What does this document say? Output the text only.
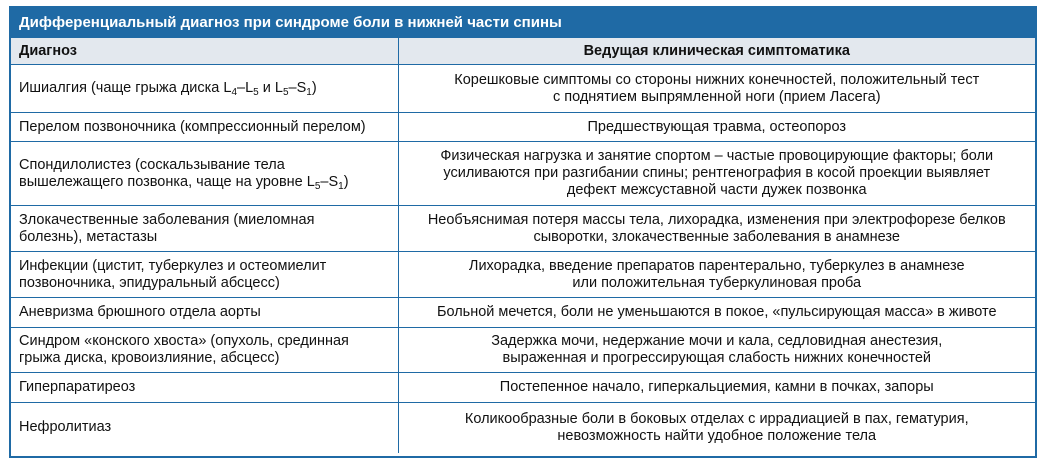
Дифференциальный диагноз при синдроме боли в нижней части спины
Диагноз	Ведущая клиническая симптоматика
Ишиалгия (чаще грыжа диска $L_4-L_5$ и $L_5-S_1$)	Корешковые симптомы со стороны нижних конечностей, положительный тест
с поднятием выпрямленной ноги (прием Ласега)

Перелом позвоночника (компрессионный перелом)	Предшествующая травма, остеопороз

Спондилолистез (соскальзывание тела
вышележащего позвонка, чаще на уровне $L_5-S_1$)	Физическая нагрузка и занятие спортом – частые провоцирующие факторы; боли
усиливаются при разгибании спины; рентгенография в косой проекции выявляет
дефект межсуставной части дужек позвонка

Злокачественные заболевания (миеломная
болезнь), метастазы	Необъяснимая потеря массы тела, лихорадка, изменения при электрофорезе белков
сыворотки, злокачественные заболевания в анамнезе

Инфекции (цистит, туберкулез и остеомиелит
позвоночника, эпидуральный абсцесс)	Лихорадка, введение препаратов парентерально, туберкулез в анамнезе
или положительная туберкулиновая проба

Аневризма брюшного отдела аорты	Больной мечется, боли не уменьшаются в покое, «пульсирующая масса» в животе

Синдром «конского хвоста» (опухоль, срединная
грыжа диска, кровоизлияние, абсцесс)	Задержка мочи, недержание мочи и кала, седловидная анестезия,
выраженная и прогрессирующая слабость нижних конечностей

Гиперпаратиреоз	Постепенное начало, гиперкальциемия, камни в почках, запоры

Нефролитиаз	Коликообразные боли в боковых отделах с иррадиацией в пах, гематурия,
невозможность найти удобное положение тела
